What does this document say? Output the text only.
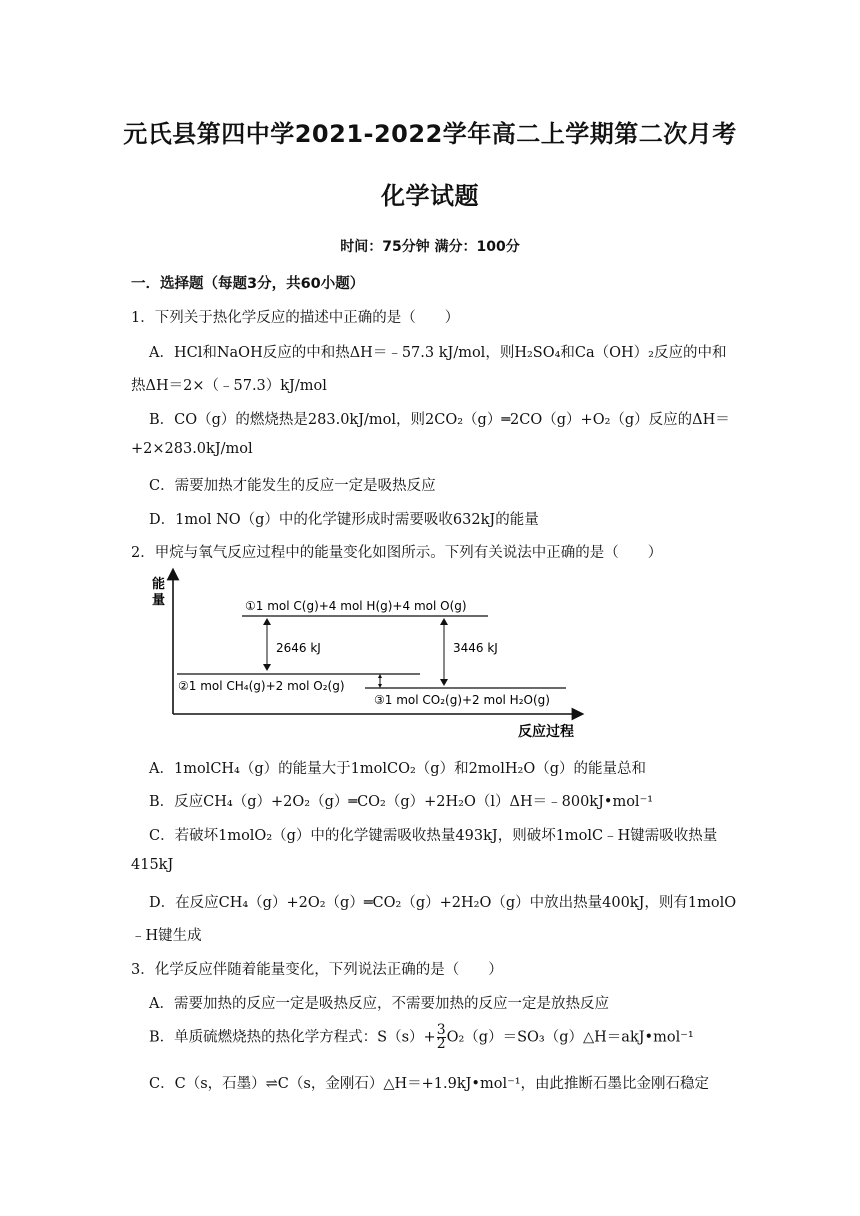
元氏县第四中学2021-2022学年高二上学期第二次月考
化学试题
时间：75分钟 满分：100分
一．选择题（每题3分，共60小题）
1．下列关于热化学反应的描述中正确的是（　　）
A．HCl和NaOH反应的中和热ΔH＝﹣57.3 kJ/mol，则H₂SO₄和Ca（OH）₂反应的中和
热ΔH＝2×（﹣57.3）kJ/mol
B．CO（g）的燃烧热是283.0kJ/mol，则2CO₂（g）═2CO（g）+O₂（g）反应的ΔH＝
+2×283.0kJ/mol
C．需要加热才能发生的反应一定是吸热反应
D．1mol NO（g）中的化学键形成时需要吸收632kJ的能量
2．甲烷与氧气反应过程中的能量变化如图所示。下列有关说法中正确的是（　　）
能
量
反应过程
①1 mol C(g)+4 mol H(g)+4 mol O(g)
②1 mol CH₄(g)+2 mol O₂(g)
③1 mol CO₂(g)+2 mol H₂O(g)
2646 kJ	3446 kJ
A．1molCH₄（g）的能量大于1molCO₂（g）和2molH₂O（g）的能量总和
B．反应CH₄（g）+2O₂（g）═CO₂（g）+2H₂O（l）ΔH＝﹣800kJ•mol⁻¹
C．若破坏1molO₂（g）中的化学键需吸收热量493kJ，则破坏1molC﹣H键需吸收热量
415kJ
D．在反应CH₄（g）+2O₂（g）═CO₂（g）+2H₂O（g）中放出热量400kJ，则有1molO
﹣H键生成
3．化学反应伴随着能量变化，下列说法正确的是（　　）
A．需要加热的反应一定是吸热反应，不需要加热的反应一定是放热反应
B．单质硫燃烧热的热化学方程式：$S(s)+ \frac{3}{2}$ O₂（g）＝SO₃（g）△H＝akJ•mol⁻¹
C．C（s，石墨）⇌C（s，金刚石）△H＝+1.9kJ•mol⁻¹，由此推断石墨比金刚石稳定
